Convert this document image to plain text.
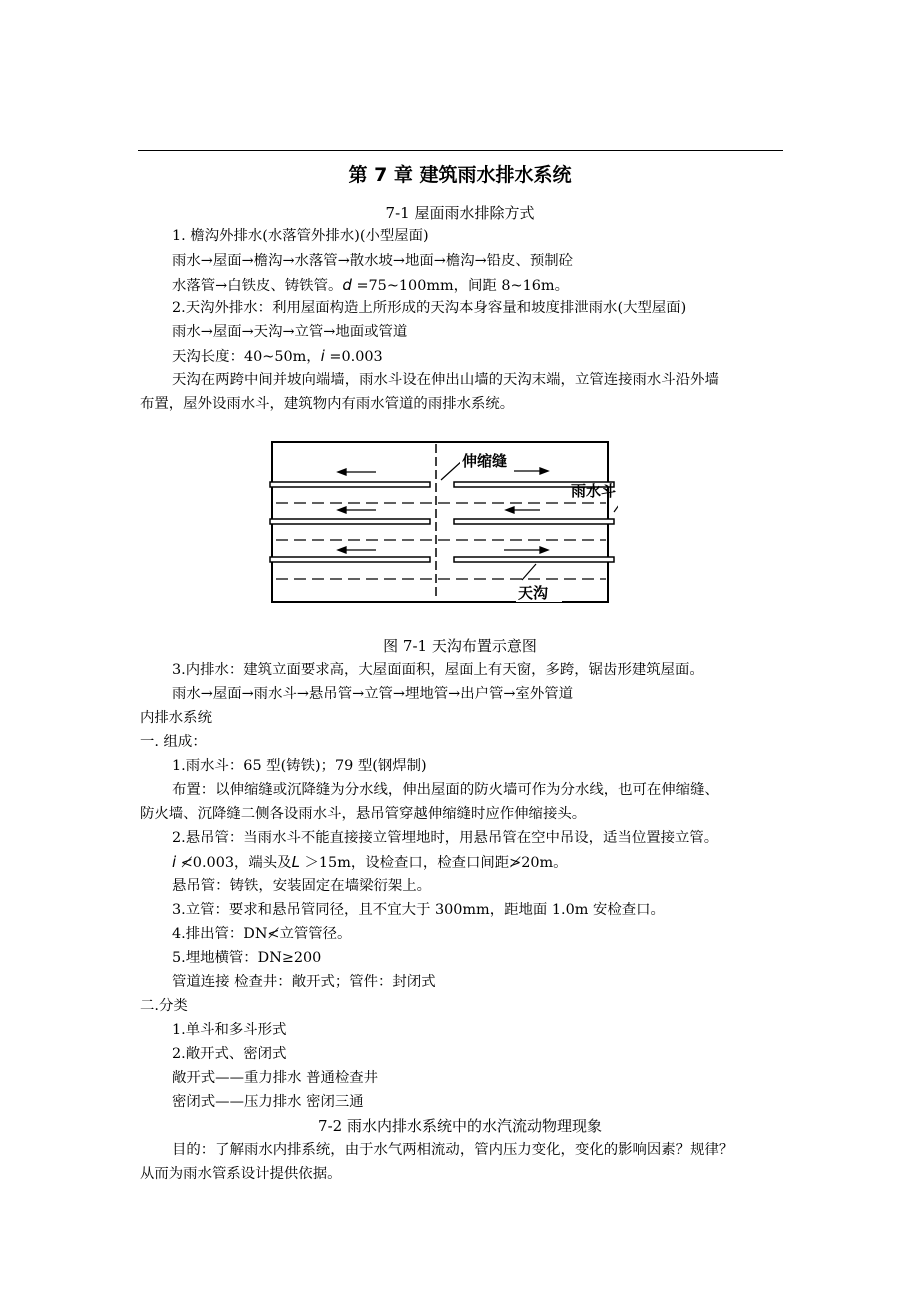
第 7 章 建筑雨水排水系统
7-1 屋面雨水排除方式
1. 檐沟外排水(水落管外排水)(小型屋面)
雨水→屋面→檐沟→水落管→散水坡→地面→檐沟→铅皮、预制砼
水落管→白铁皮、铸铁管。d =75~100mm，间距 8~16m。
2.天沟外排水：利用屋面构造上所形成的天沟本身容量和坡度排泄雨水(大型屋面)
雨水→屋面→天沟→立管→地面或管道
天沟长度：40~50m，i =0.003
天沟在两跨中间并坡向端墙，雨水斗设在伸出山墙的天沟末端，立管连接雨水斗沿外墙
布置，屋外设雨水斗，建筑物内有雨水管道的雨排水系统。
伸缩缝
雨水斗
天沟
图 7-1 天沟布置示意图
3.内排水：建筑立面要求高，大屋面面积，屋面上有天窗，多跨，锯齿形建筑屋面。
雨水→屋面→雨水斗→悬吊管→立管→埋地管→出户管→室外管道
内排水系统
一. 组成：
1.雨水斗：65 型(铸铁)；79 型(钢焊制)
布置：以伸缩缝或沉降缝为分水线，伸出屋面的防火墙可作为分水线，也可在伸缩缝、
防火墙、沉降缝二侧各设雨水斗，悬吊管穿越伸缩缝时应作伸缩接头。
2.悬吊管：当雨水斗不能直接接立管埋地时，用悬吊管在空中吊设，适当位置接立管。
i ≮0.003，端头及L ＞15m，设检查口，检查口间距≯20m。
悬吊管：铸铁，安装固定在墙梁衍架上。
3.立管：要求和悬吊管同径，且不宜大于 300mm，距地面 1.0m 安检查口。
4.排出管：DN≮立管管径。
5.埋地横管：DN≥200
管道连接 检查井：敞开式；管件：封闭式
二.分类
1.单斗和多斗形式
2.敞开式、密闭式
敞开式——重力排水 普通检查井
密闭式——压力排水 密闭三通
7-2 雨水内排水系统中的水汽流动物理现象
目的：了解雨水内排系统，由于水气两相流动，管内压力变化，变化的影响因素？规律？
从而为雨水管系设计提供依据。
